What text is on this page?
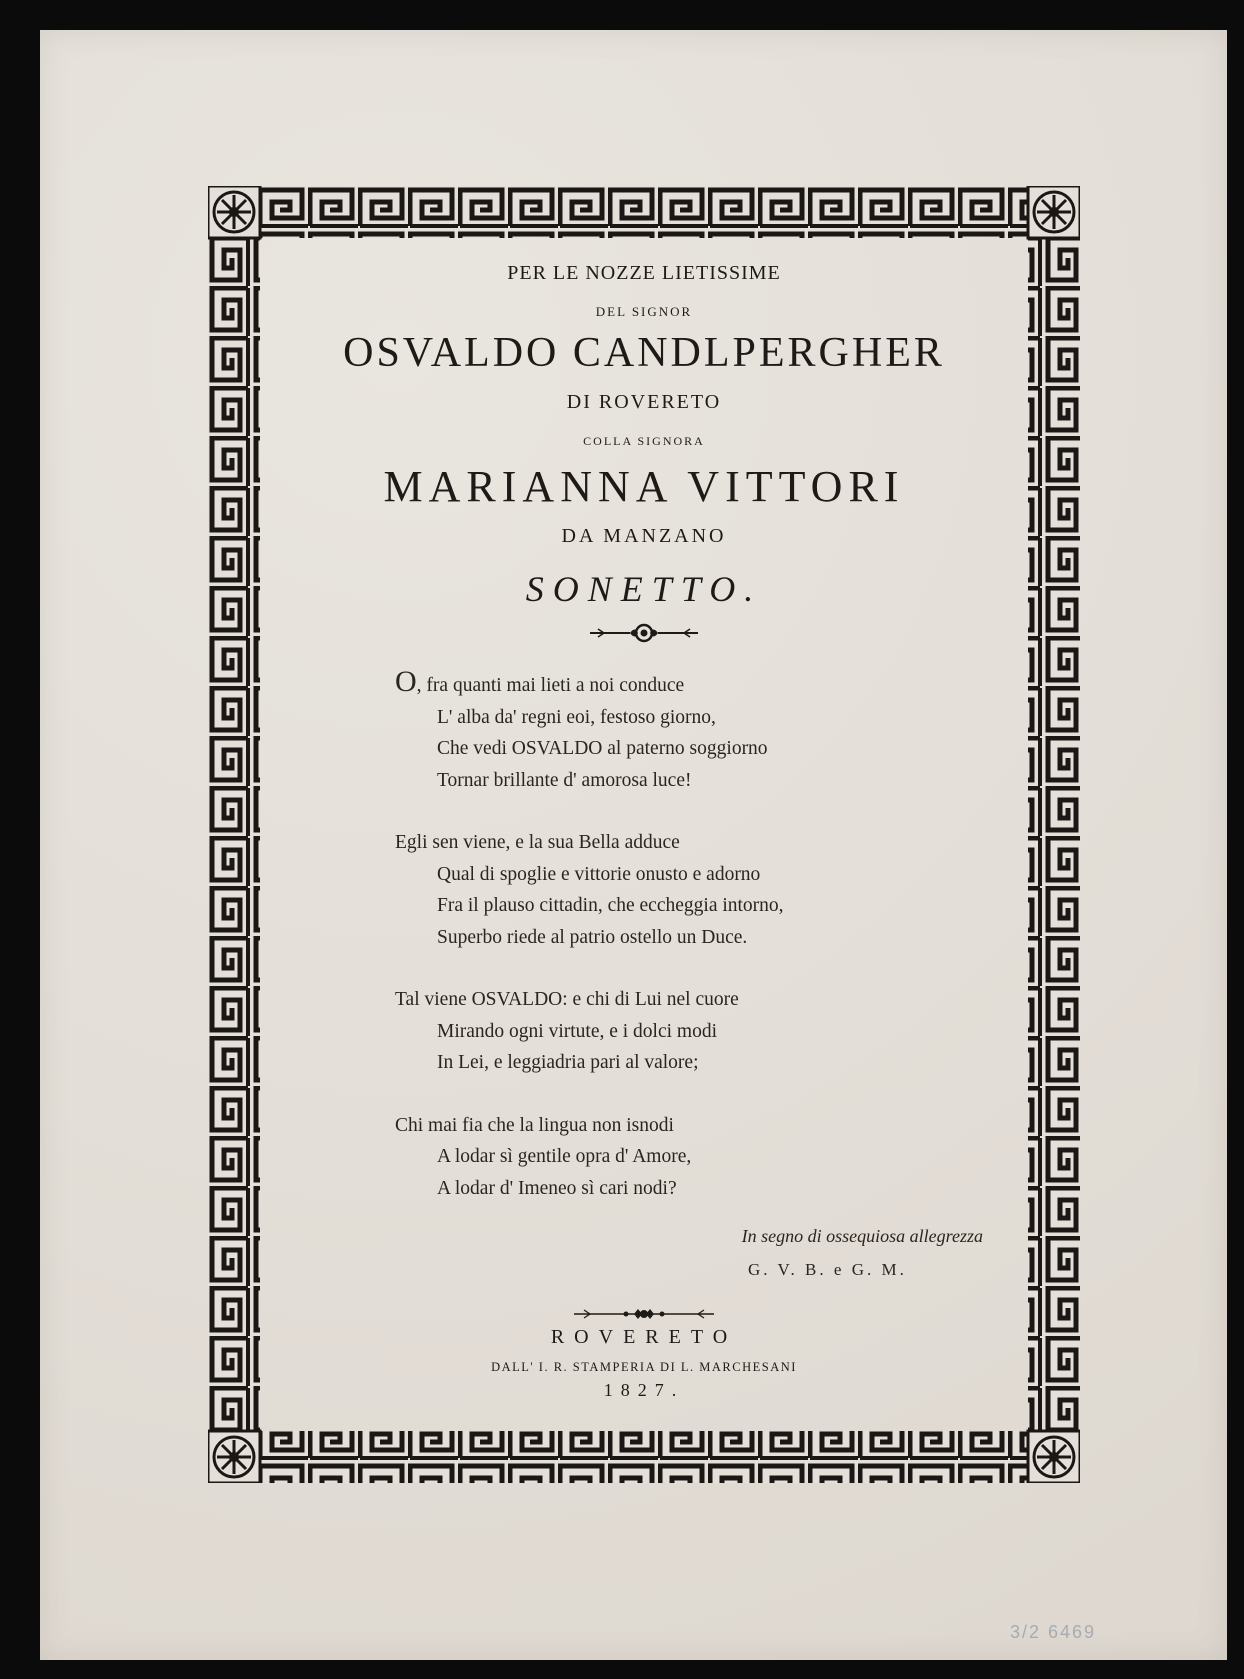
PER LE NOZZE LIETISSIME
DEL SIGNOR
OSVALDO CANDLPERGHER
DI ROVERETO
COLLA SIGNORA
MARIANNA VITTORI
DA MANZANO
SONETTO.
O, fra quanti mai lieti a noi conduce
L' alba da' regni eoi, festoso giorno,
Che vedi OSVALDO al paterno soggiorno
Tornar brillante d' amorosa luce!
Egli sen viene, e la sua Bella adduce
Qual di spoglie e vittorie onusto e adorno
Fra il plauso cittadin, che eccheggia intorno,
Superbo riede al patrio ostello un Duce.
Tal viene OSVALDO: e chi di Lui nel cuore
Mirando ogni virtute, e i dolci modi
In Lei, e leggiadria pari al valore;
Chi mai fia che la lingua non isnodi
A lodar sì gentile opra d' Amore,
A lodar d' Imeneo sì cari nodi?
In segno di ossequiosa allegrezza
G. V. B. e G. M.
ROVERETO
DALL' I. R. STAMPERIA DI L. MARCHESANI
1827.
3/2 6469
